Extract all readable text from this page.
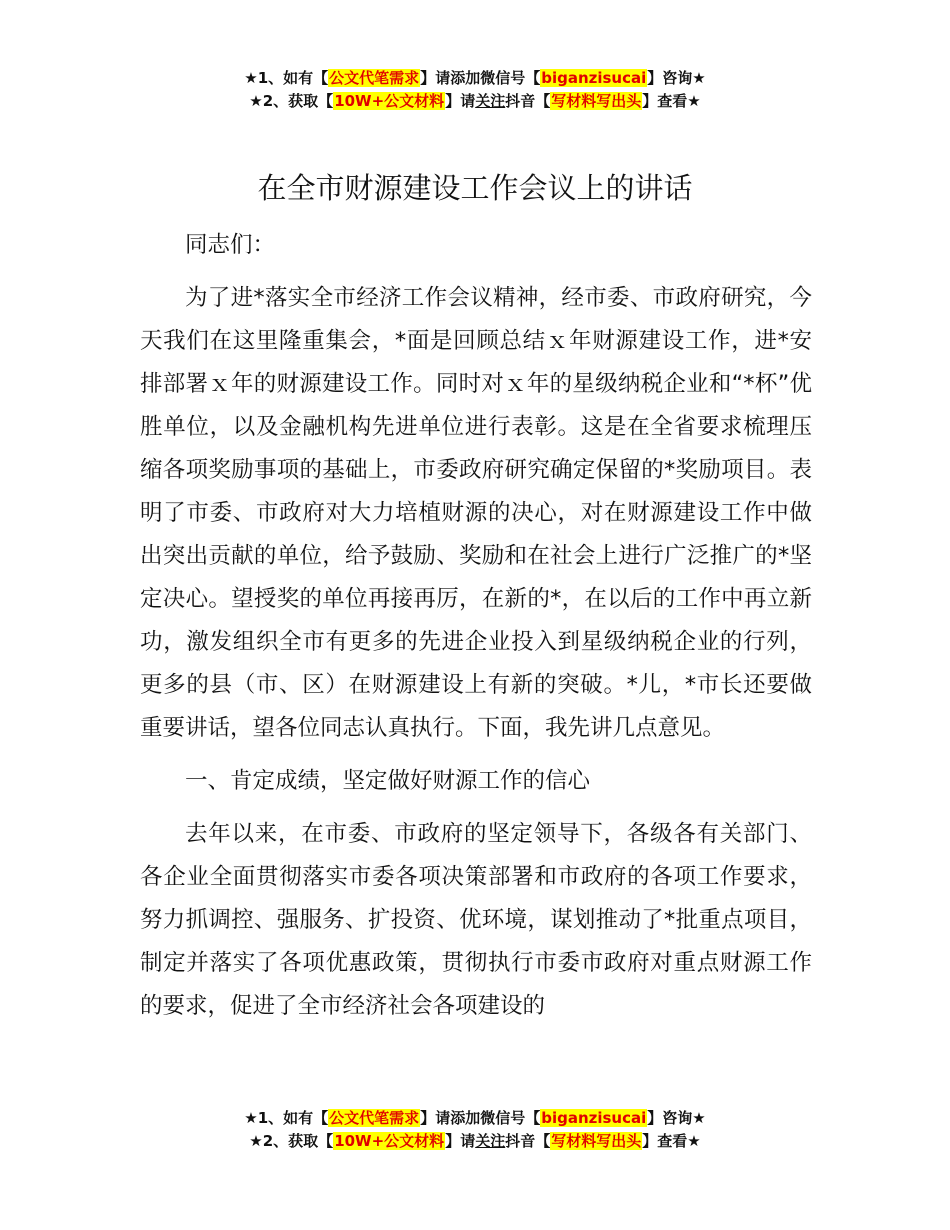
★1、如有【公文代笔需求】请添加微信号【biganzisucai】咨询★
★2、获取【10W+公文材料】请关注抖音【写材料写出头】查看★
在全市财源建设工作会议上的讲话

同志们：

为了进*落实全市经济工作会议精神，经市委、市政府研究，今天我们在这里隆重集会，*面是回顾总结ｘ年财源建设工作，进*安排部署ｘ年的财源建设工作。同时对ｘ年的星级纳税企业和“*杯”优胜单位，以及金融机构先进单位进行表彰。这是在全省要求梳理压缩各项奖励事项的基础上，市委政府研究确定保留的*奖励项目。表明了市委、市政府对大力培植财源的决心，对在财源建设工作中做出突出贡献的单位，给予鼓励、奖励和在社会上进行广泛推广的*坚定决心。望授奖的单位再接再厉，在新的*，在以后的工作中再立新功，激发组织全市有更多的先进企业投入到星级纳税企业的行列，更多的县（市、区）在财源建设上有新的突破。*儿，*市长还要做重要讲话，望各位同志认真执行。下面，我先讲几点意见。

一、肯定成绩，坚定做好财源工作的信心

去年以来，在市委、市政府的坚定领导下，各级各有关部门、各企业全面贯彻落实市委各项决策部署和市政府的各项工作要求，努力抓调控、强服务、扩投资、优环境，谋划推动了*批重点项目，制定并落实了各项优惠政策，贯彻执行市委市政府对重点财源工作的要求，促进了全市经济社会各项建设的

★1、如有【公文代笔需求】请添加微信号【biganzisucai】咨询★
★2、获取【10W+公文材料】请关注抖音【写材料写出头】查看★
